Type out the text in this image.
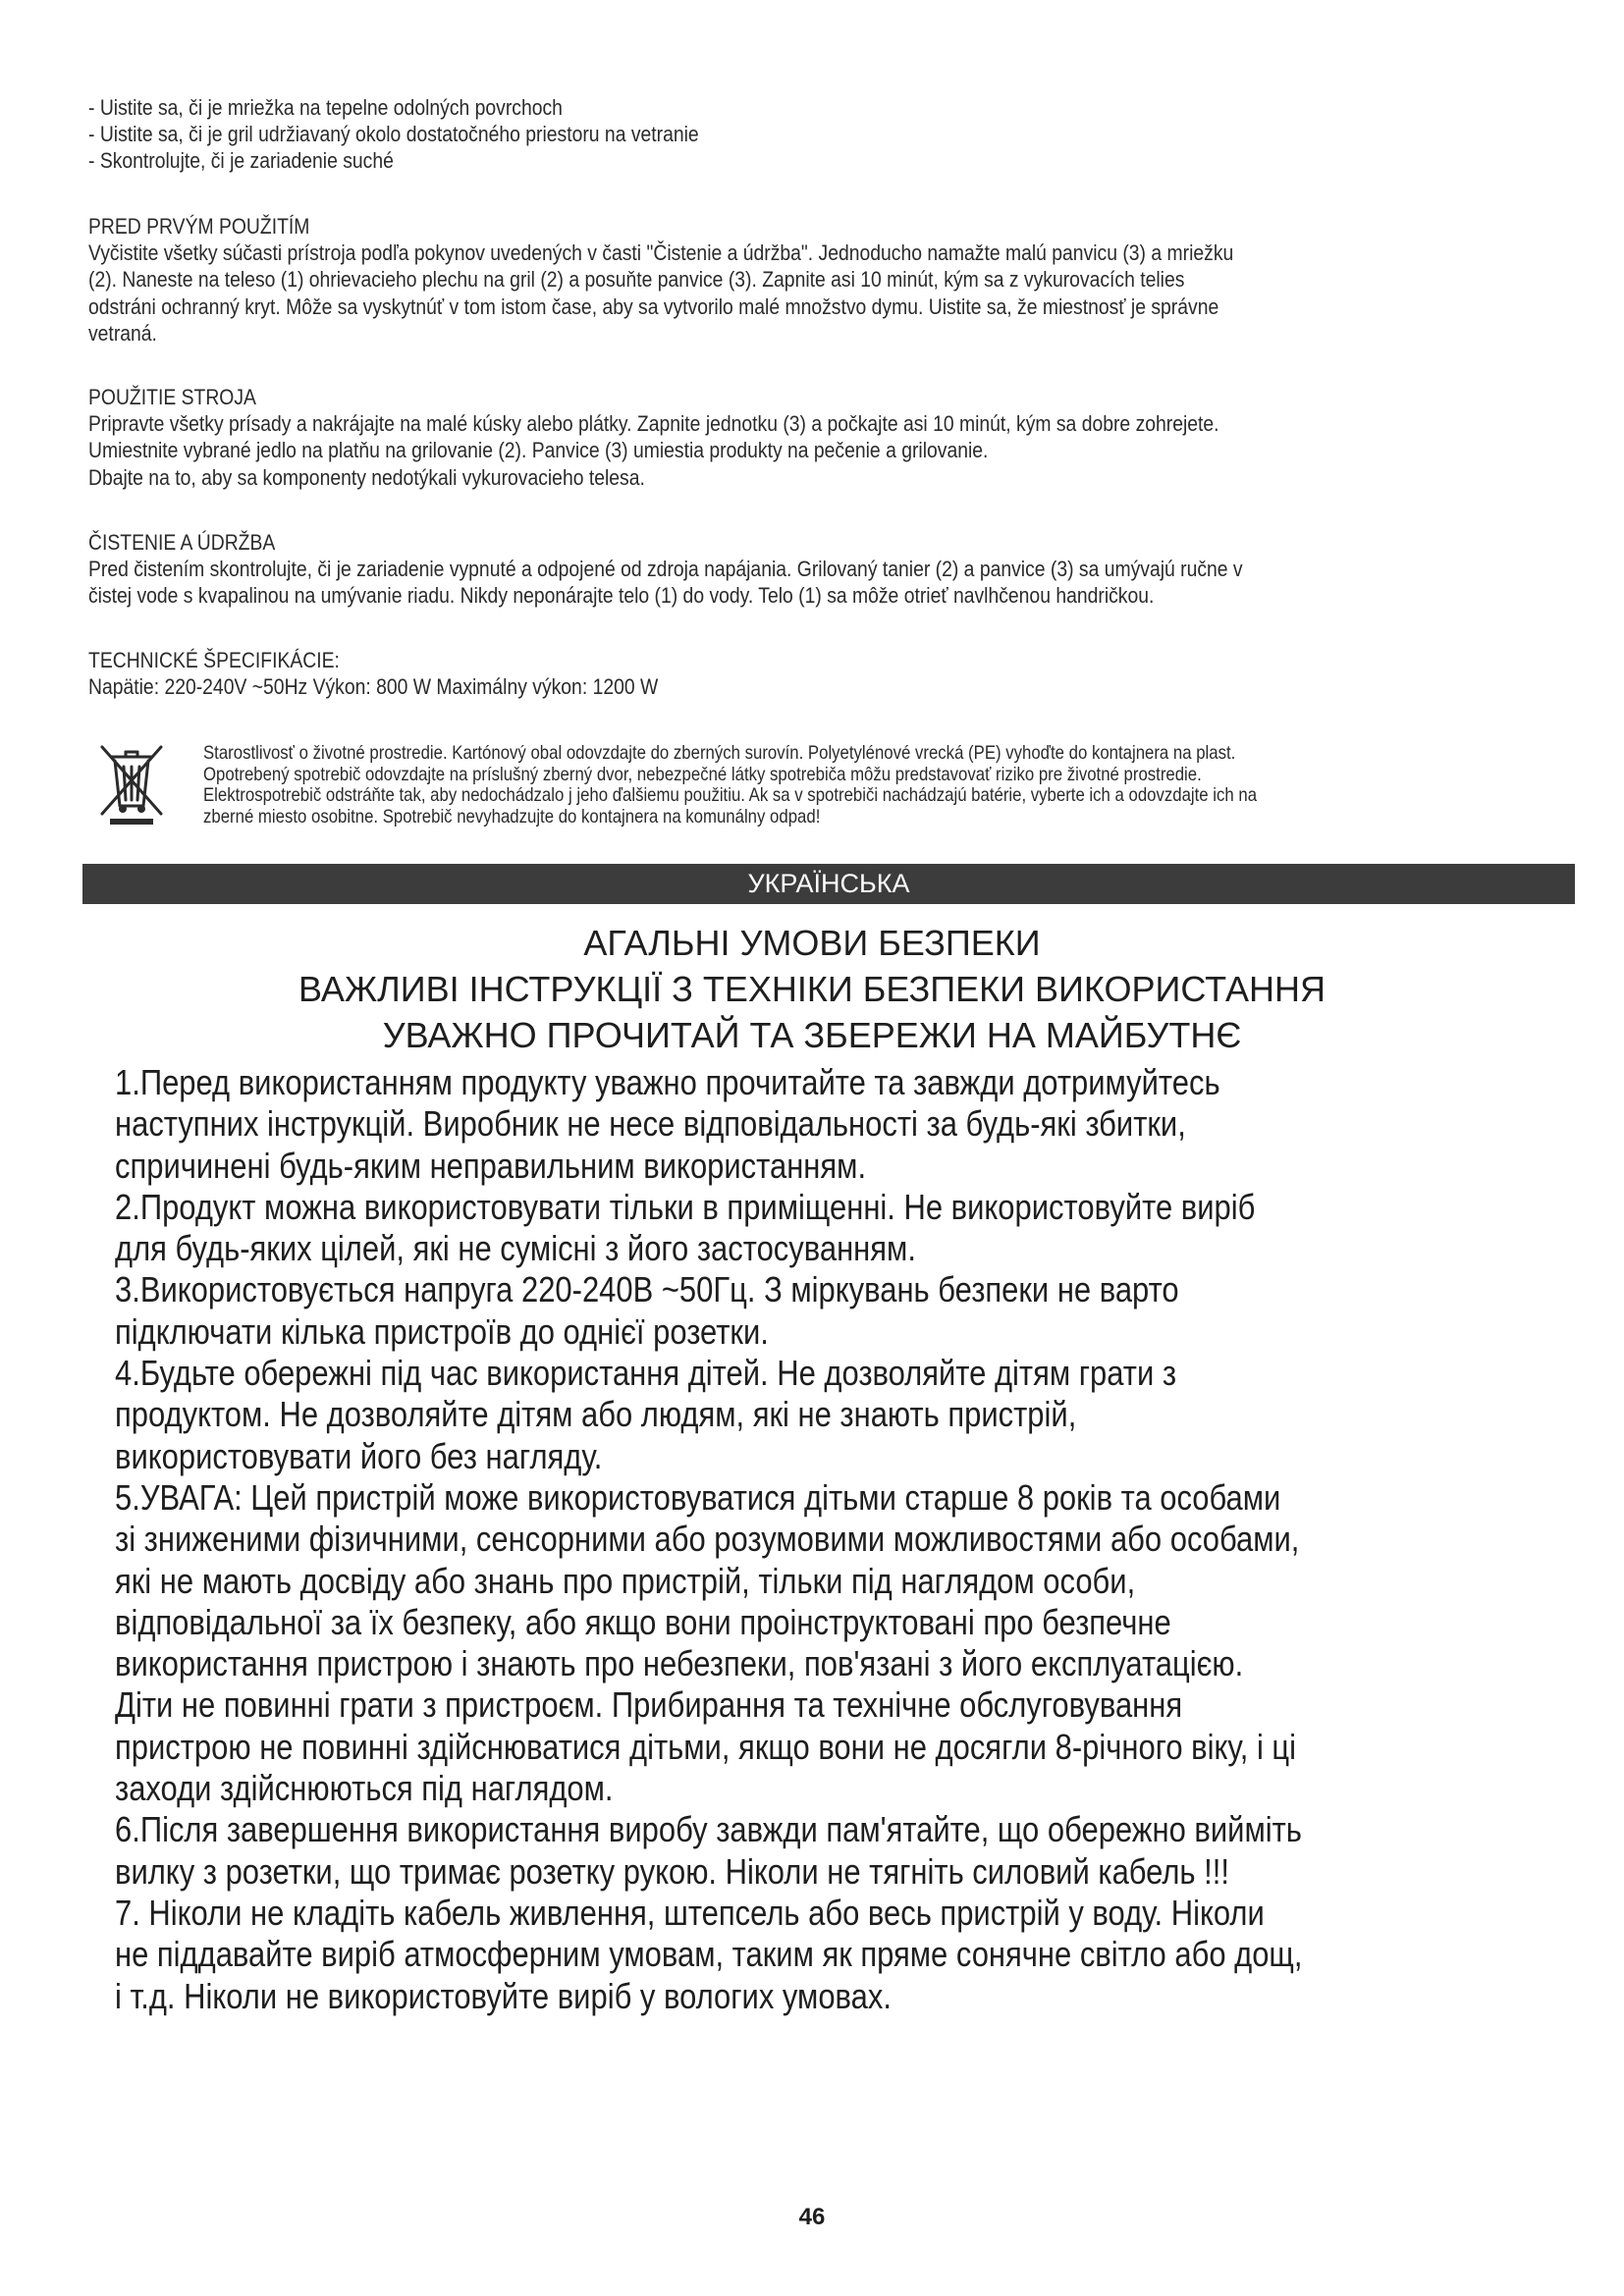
- Uistite sa, či je mriežka na tepelne odolných povrchoch
- Uistite sa, či je gril udržiavaný okolo dostatočného priestoru na vetranie
- Skontrolujte, či je zariadenie suché
PRED PRVÝM POUŽITÍM
Vyčistite všetky súčasti prístroja podľa pokynov uvedených v časti "Čistenie a údržba". Jednoducho namažte malú panvicu (3) a mriežku
(2). Naneste na teleso (1) ohrievacieho plechu na gril (2) a posuňte panvice (3). Zapnite asi 10 minút, kým sa z vykurovacích telies
odstráni ochranný kryt. Môže sa vyskytnúť v tom istom čase, aby sa vytvorilo malé množstvo dymu. Uistite sa, že miestnosť je správne
vetraná.
POUŽITIE STROJA
Pripravte všetky prísady a nakrájajte na malé kúsky alebo plátky. Zapnite jednotku (3) a počkajte asi 10 minút, kým sa dobre zohrejete.
Umiestnite vybrané jedlo na platňu na grilovanie (2). Panvice (3) umiestia produkty na pečenie a grilovanie.
Dbajte na to, aby sa komponenty nedotýkali vykurovacieho telesa.
ČISTENIE A ÚDRŽBA
Pred čistením skontrolujte, či je zariadenie vypnuté a odpojené od zdroja napájania. Grilovaný tanier (2) a panvice (3) sa umývajú ručne v
čistej vode s kvapalinou na umývanie riadu. Nikdy neponárajte telo (1) do vody. Telo (1) sa môže otrieť navlhčenou handričkou.
TECHNICKÉ ŠPECIFIKÁCIE:
Napätie: 220-240V ~50Hz Výkon: 800 W Maximálny výkon: 1200 W
Starostlivosť o životné prostredie. Kartónový obal odovzdajte do zberných surovín. Polyetylénové vrecká (PE) vyhoďte do kontajnera na plast.
Opotrebený spotrebič odovzdajte na príslušný zberný dvor, nebezpečné látky spotrebiča môžu predstavovať riziko pre životné prostredie.
Elektrospotrebič odstráňte tak, aby nedochádzalo j jeho ďalšiemu použitiu. Ak sa v spotrebiči nachádzajú batérie, vyberte ich a odovzdajte ich na
zberné miesto osobitne. Spotrebič nevyhadzujte do kontajnera na komunálny odpad!
УКРАЇНСЬКА
АГАЛЬНІ УМОВИ БЕЗПЕКИ
ВАЖЛИВІ ІНСТРУКЦІЇ З ТЕХНІКИ БЕЗПЕКИ ВИКОРИСТАННЯ
УВАЖНО ПРОЧИТАЙ ТА ЗБЕРЕЖИ НА МАЙБУТНЄ
1.Перед використанням продукту уважно прочитайте та завжди дотримуйтесь
наступних інструкцій. Виробник не несе відповідальності за будь-які збитки,
спричинені будь-яким неправильним використанням.
2.Продукт можна використовувати тільки в приміщенні. Не використовуйте виріб
для будь-яких цілей, які не сумісні з його застосуванням.
3.Використовується напруга 220-240В ~50Гц. З міркувань безпеки не варто
підключати кілька пристроїв до однієї розетки.
4.Будьте обережні під час використання дітей. Не дозволяйте дітям грати з
продуктом. Не дозволяйте дітям або людям, які не знають пристрій,
використовувати його без нагляду.
5.УВАГА: Цей пристрій може використовуватися дітьми старше 8 років та особами
зі зниженими фізичними, сенсорними або розумовими можливостями або особами,
які не мають досвіду або знань про пристрій, тільки під наглядом особи,
відповідальної за їх безпеку, або якщо вони проінструктовані про безпечне
використання пристрою і знають про небезпеки, пов'язані з його експлуатацією.
Діти не повинні грати з пристроєм. Прибирання та технічне обслуговування
пристрою не повинні здійснюватися дітьми, якщо вони не досягли 8-річного віку, і ці
заходи здійснюються під наглядом.
6.Після завершення використання виробу завжди пам'ятайте, що обережно вийміть
вилку з розетки, що тримає розетку рукою. Ніколи не тягніть силовий кабель !!!
7. Ніколи не кладіть кабель живлення, штепсель або весь пристрій у воду. Ніколи
не піддавайте виріб атмосферним умовам, таким як пряме сонячне світло або дощ,
і т.д. Ніколи не використовуйте виріб у вологих умовах.
46
